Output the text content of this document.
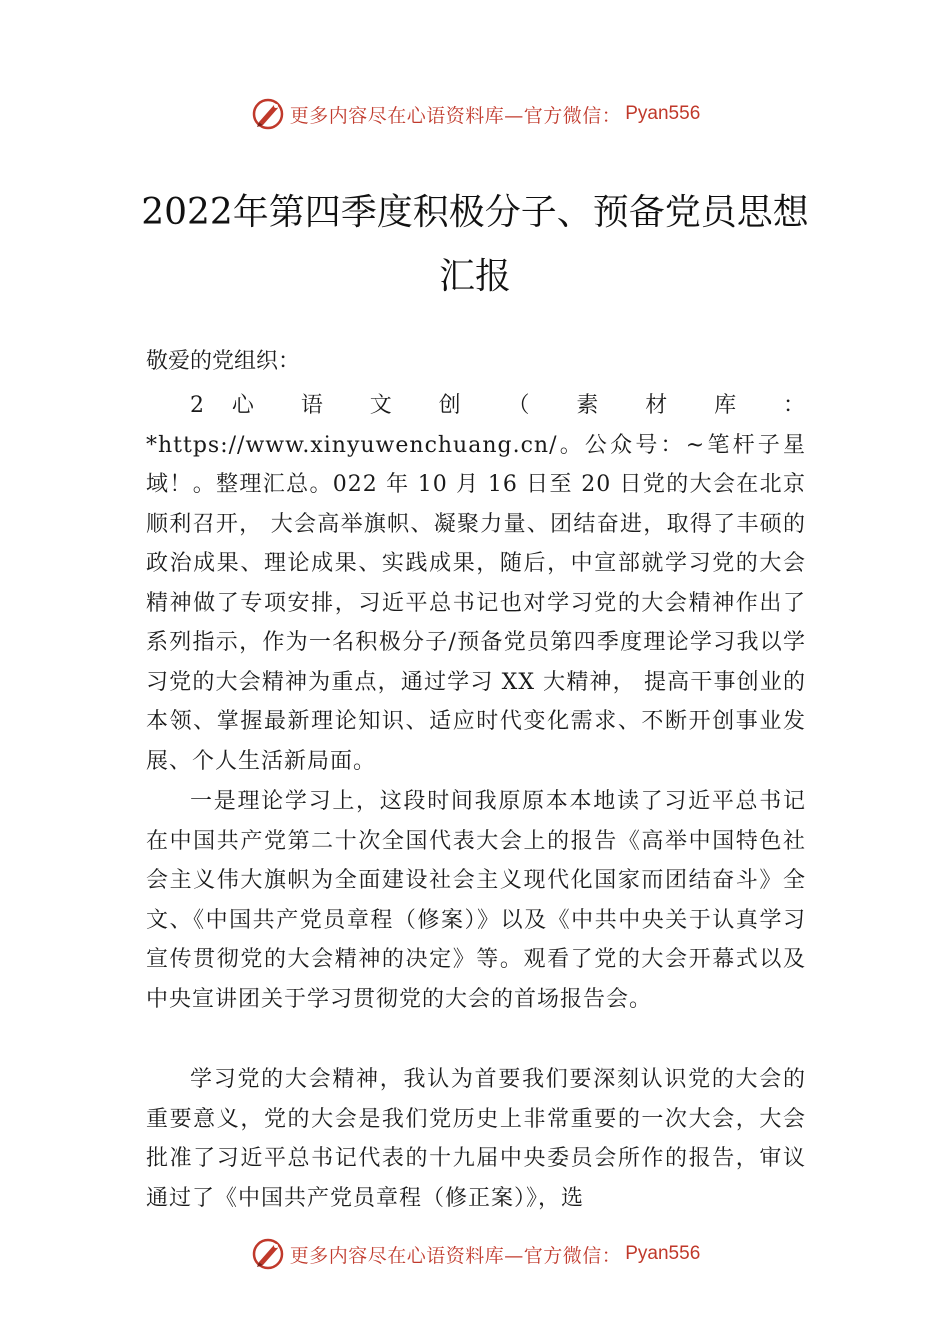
更多内容尽在心语资料库—官方微信： Pyan556
2022年第四季度积极分子、预备党员思想
汇报

敬爱的党组织：

2 心 语 文 创 （ 素 材 库 ： *https://www.xinyuwenchuang.cn/。公众号：~笔杆子星域！。整理汇总。022 年 10 月 16 日至 20 日党的大会在北京顺利召开， 大会高举旗帜、凝聚力量、团结奋进，取得了丰硕的政治成果、理论成果、实践成果，随后，中宣部就学习党的大会精神做了专项安排，习近平总书记也对学习党的大会精神作出了系列指示，作为一名积极分子/预备党员第四季度理论学习我以学习党的大会精神为重点，通过学习 XX 大精神， 提高干事创业的本领、掌握最新理论知识、适应时代变化需求、不断开创事业发展、个人生活新局面。

一是理论学习上，这段时间我原原本本地读了习近平总书记在中国共产党第二十次全国代表大会上的报告《高举中国特色社会主义伟大旗帜为全面建设社会主义现代化国家而团结奋斗》全文、《中国共产党员章程（修案）》以及《中共中央关于认真学习宣传贯彻党的大会精神的决定》等。观看了党的大会开幕式以及中央宣讲团关于学习贯彻党的大会的首场报告会。

学习党的大会精神，我认为首要我们要深刻认识党的大会的重要意义，党的大会是我们党历史上非常重要的一次大会，大会批准了习近平总书记代表的十九届中央委员会所作的报告，审议通过了《中国共产党员章程（修正案）》，选

更多内容尽在心语资料库—官方微信： Pyan556
